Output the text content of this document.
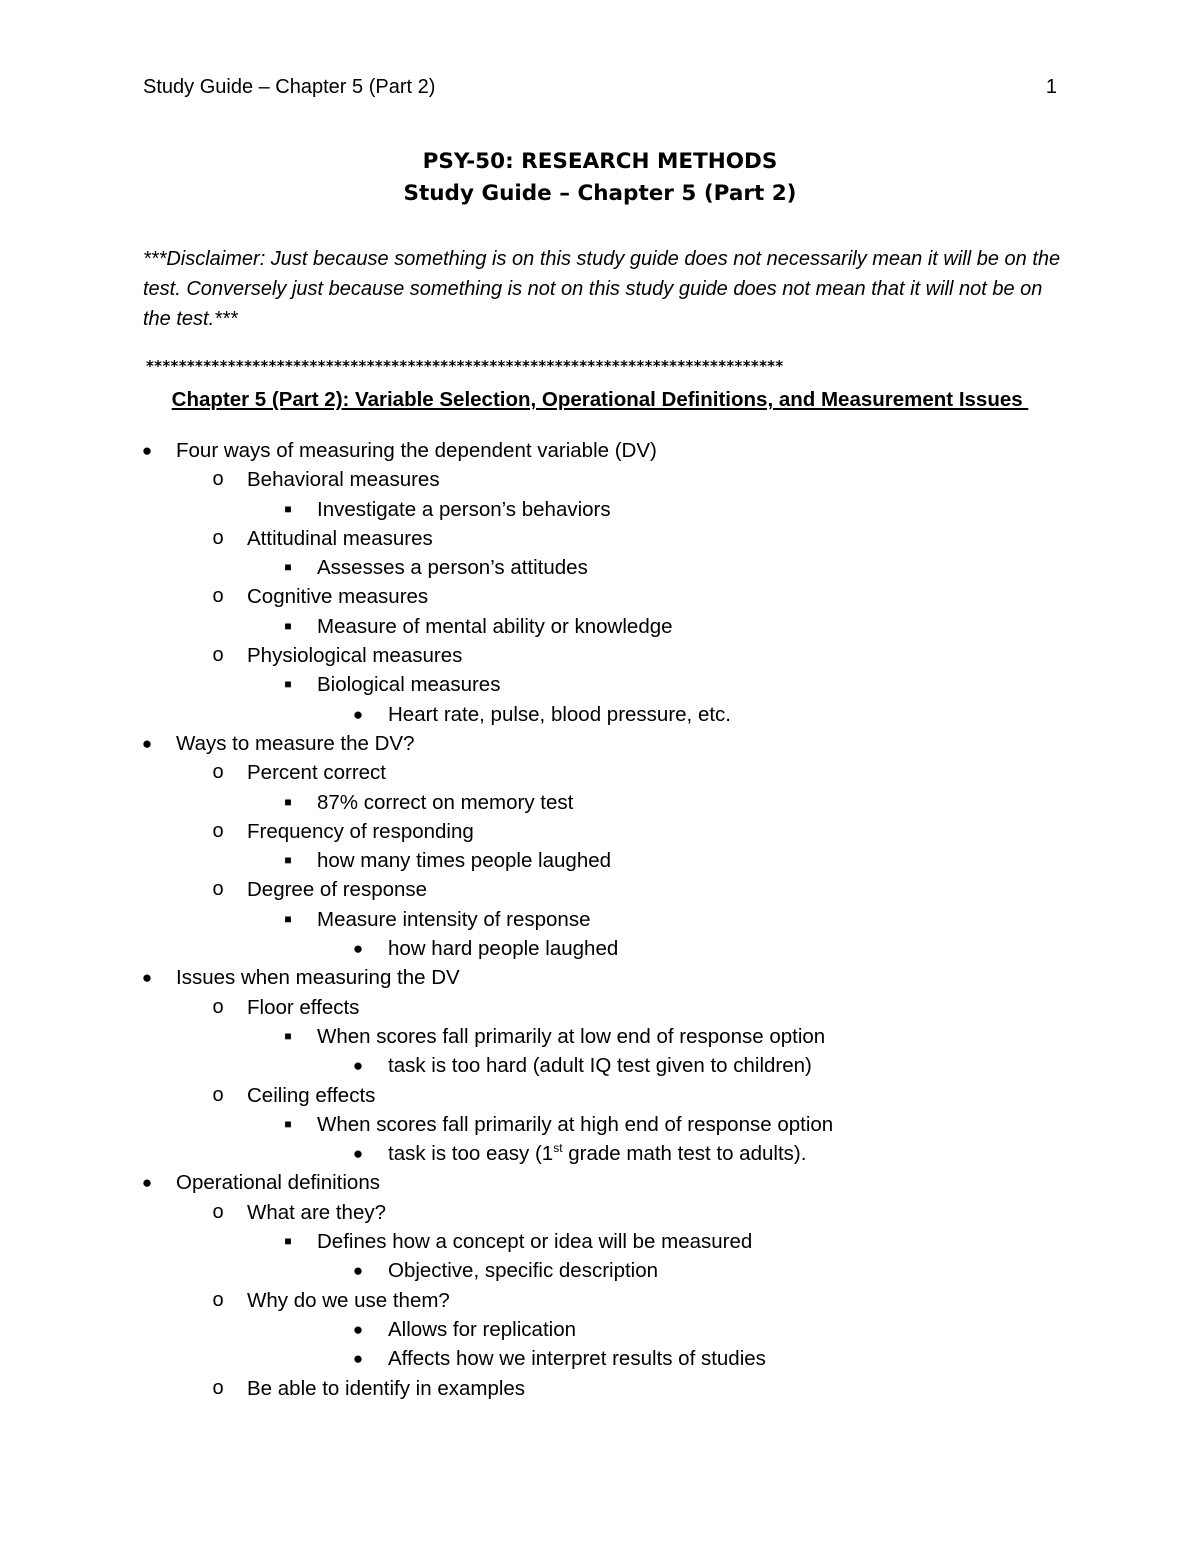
Study Guide – Chapter 5 (Part 2)	1
PSY-50: RESEARCH METHODS
Study Guide – Chapter 5 (Part 2)
***Disclaimer: Just because something is on this study guide does not necessarily mean it will be on the test. Conversely just because something is not on this study guide does not mean that it will not be on the test.***
******************************************************************************
Chapter 5 (Part 2): Variable Selection, Operational Definitions, and Measurement Issues
● Four ways of measuring the dependent variable (DV)
o Behavioral measures
■	Investigate a person’s behaviors
o Attitudinal measures
■	Assesses a person’s attitudes
o Cognitive measures
■	Measure of mental ability or knowledge
o Physiological measures
■	Biological measures
● Heart rate, pulse, blood pressure, etc.
● Ways to measure the DV?
o Percent correct
■	87% correct on memory test
o Frequency of responding
■	how many times people laughed
o Degree of response
■	Measure intensity of response
● how hard people laughed
● Issues when measuring the DV
o Floor effects
■	When scores fall primarily at low end of response option
● task is too hard (adult IQ test given to children)
o Ceiling effects
■	When scores fall primarily at high end of response option
● task is too easy (1st grade math test to adults).
● Operational definitions
o What are they?
■	Defines how a concept or idea will be measured
● Objective, specific description
o Why do we use them?
● Allows for replication
● Affects how we interpret results of studies
o Be able to identify in examples
